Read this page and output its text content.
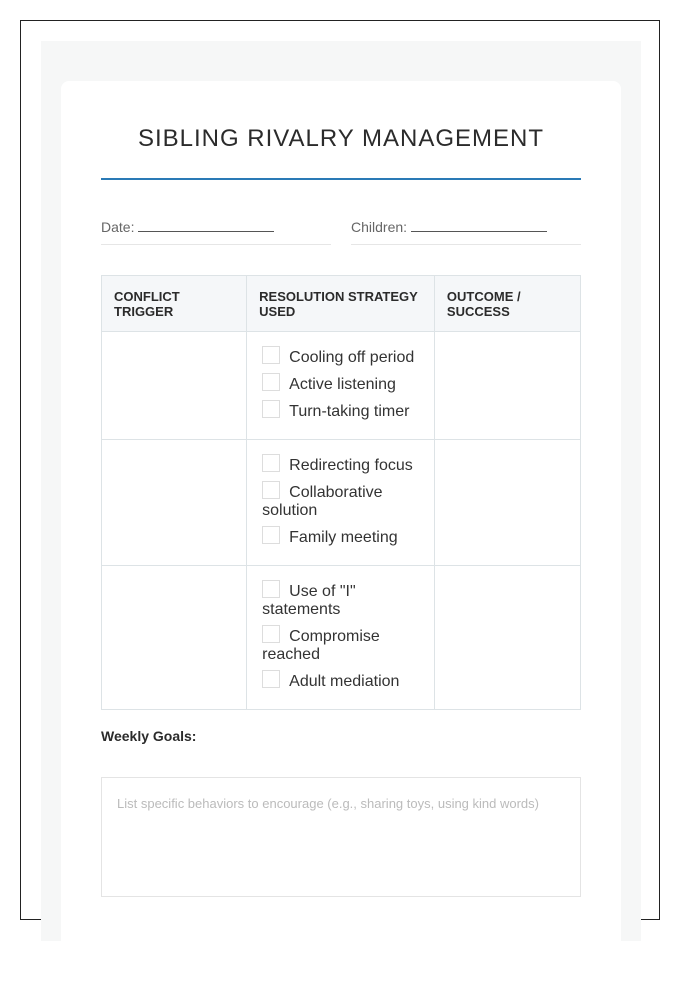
SIBLING RIVALRY MANAGEMENT
Date:	Children:
CONFLICT TRIGGER	RESOLUTION STRATEGY USED	OUTCOME / SUCCESS

	Cooling off period
Active listening
Turn-taking timer	

	Redirecting focus
Collaborative solution
Family meeting	

	Use of "I" statements
Compromise reached
Adult mediation	

Weekly Goals:
List specific behaviors to encourage (e.g., sharing toys, using kind words)
